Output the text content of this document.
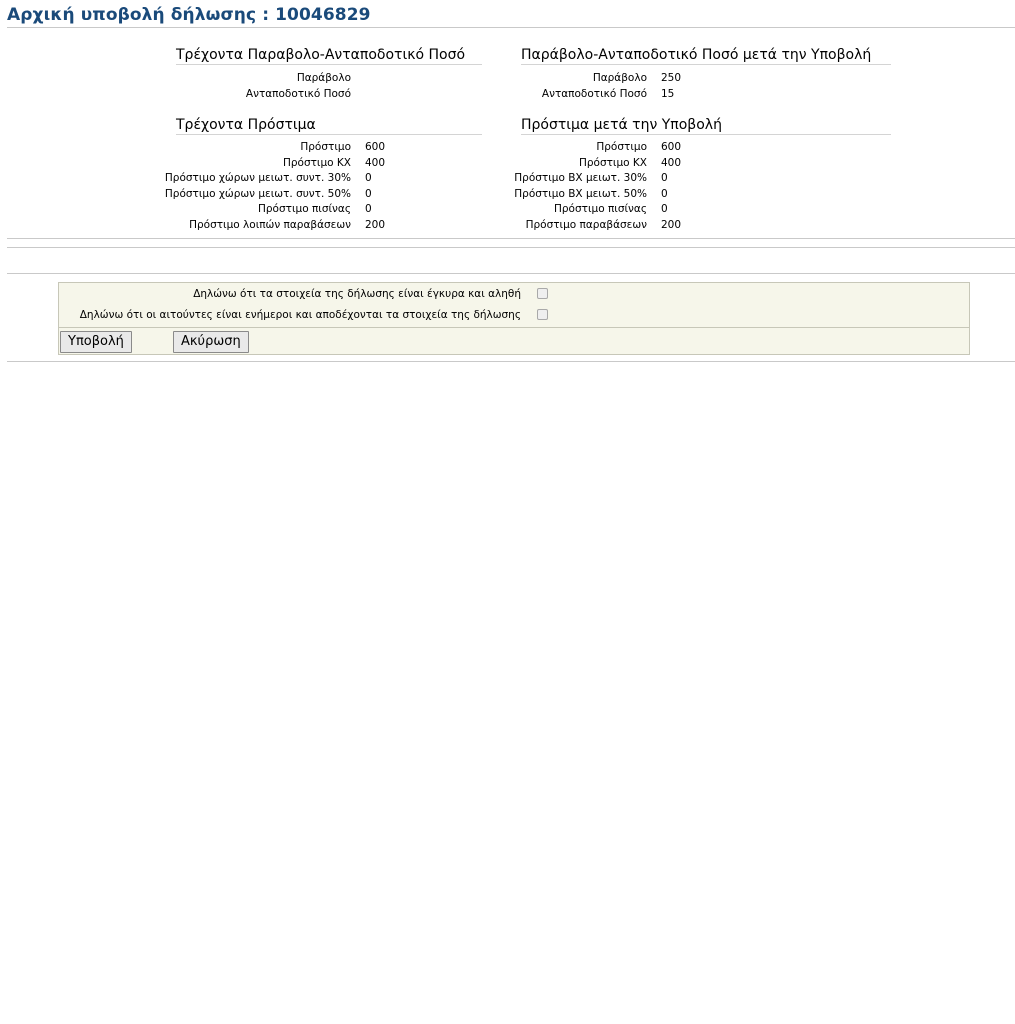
Αρχική υποβολή δήλωσης : 10046829
Τρέχοντα Παραβολο-Ανταποδοτικό Ποσό
Παράβολο
Ανταποδοτικό Ποσό
Παράβολο-Ανταποδοτικό Ποσό μετά την Υποβολή
Παράβολο	250
Ανταποδοτικό Ποσό	15
Τρέχοντα Πρόστιμα
Πρόστιμο	600
Πρόστιμο ΚΧ	400
Πρόστιμο χώρων μειωτ. συντ. 30%	0
Πρόστιμο χώρων μειωτ. συντ. 50%	0
Πρόστιμο πισίνας	0
Πρόστιμο λοιπών παραβάσεων	200
Πρόστιμα μετά την Υποβολή
Πρόστιμο	600
Πρόστιμο ΚΧ	400
Πρόστιμο ΒΧ μειωτ. 30%	0
Πρόστιμο ΒΧ μειωτ. 50%	0
Πρόστιμο πισίνας	0
Πρόστιμο παραβάσεων	200
Δηλώνω ότι τα στοιχεία της δήλωσης είναι έγκυρα και αληθή
Δηλώνω ότι οι αιτούντες είναι ενήμεροι και αποδέχονται τα στοιχεία της δήλωσης
Υποβολή	Ακύρωση
